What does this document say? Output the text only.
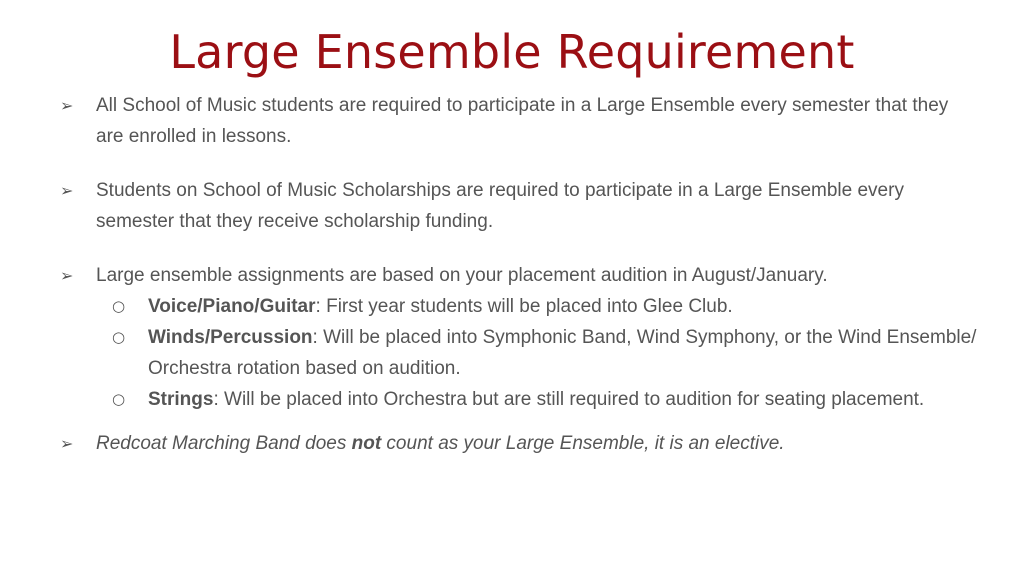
Large Ensemble Requirement
➢	All School of Music students are required to participate in a Large Ensemble every semester that they are enrolled in lessons.
➢	Students on School of Music Scholarships are required to participate in a Large Ensemble every semester that they receive scholarship funding.
➢	Large ensemble assignments are based on your placement audition in August/January.
○ Voice/Piano/Guitar: First year students will be placed into Glee Club.
○ Winds/Percussion: Will be placed into Symphonic Band, Wind Symphony, or the Wind Ensemble/ Orchestra rotation based on audition.
○ Strings: Will be placed into Orchestra but are still required to audition for seating placement.
➢	Redcoat Marching Band does not count as your Large Ensemble, it is an elective.
